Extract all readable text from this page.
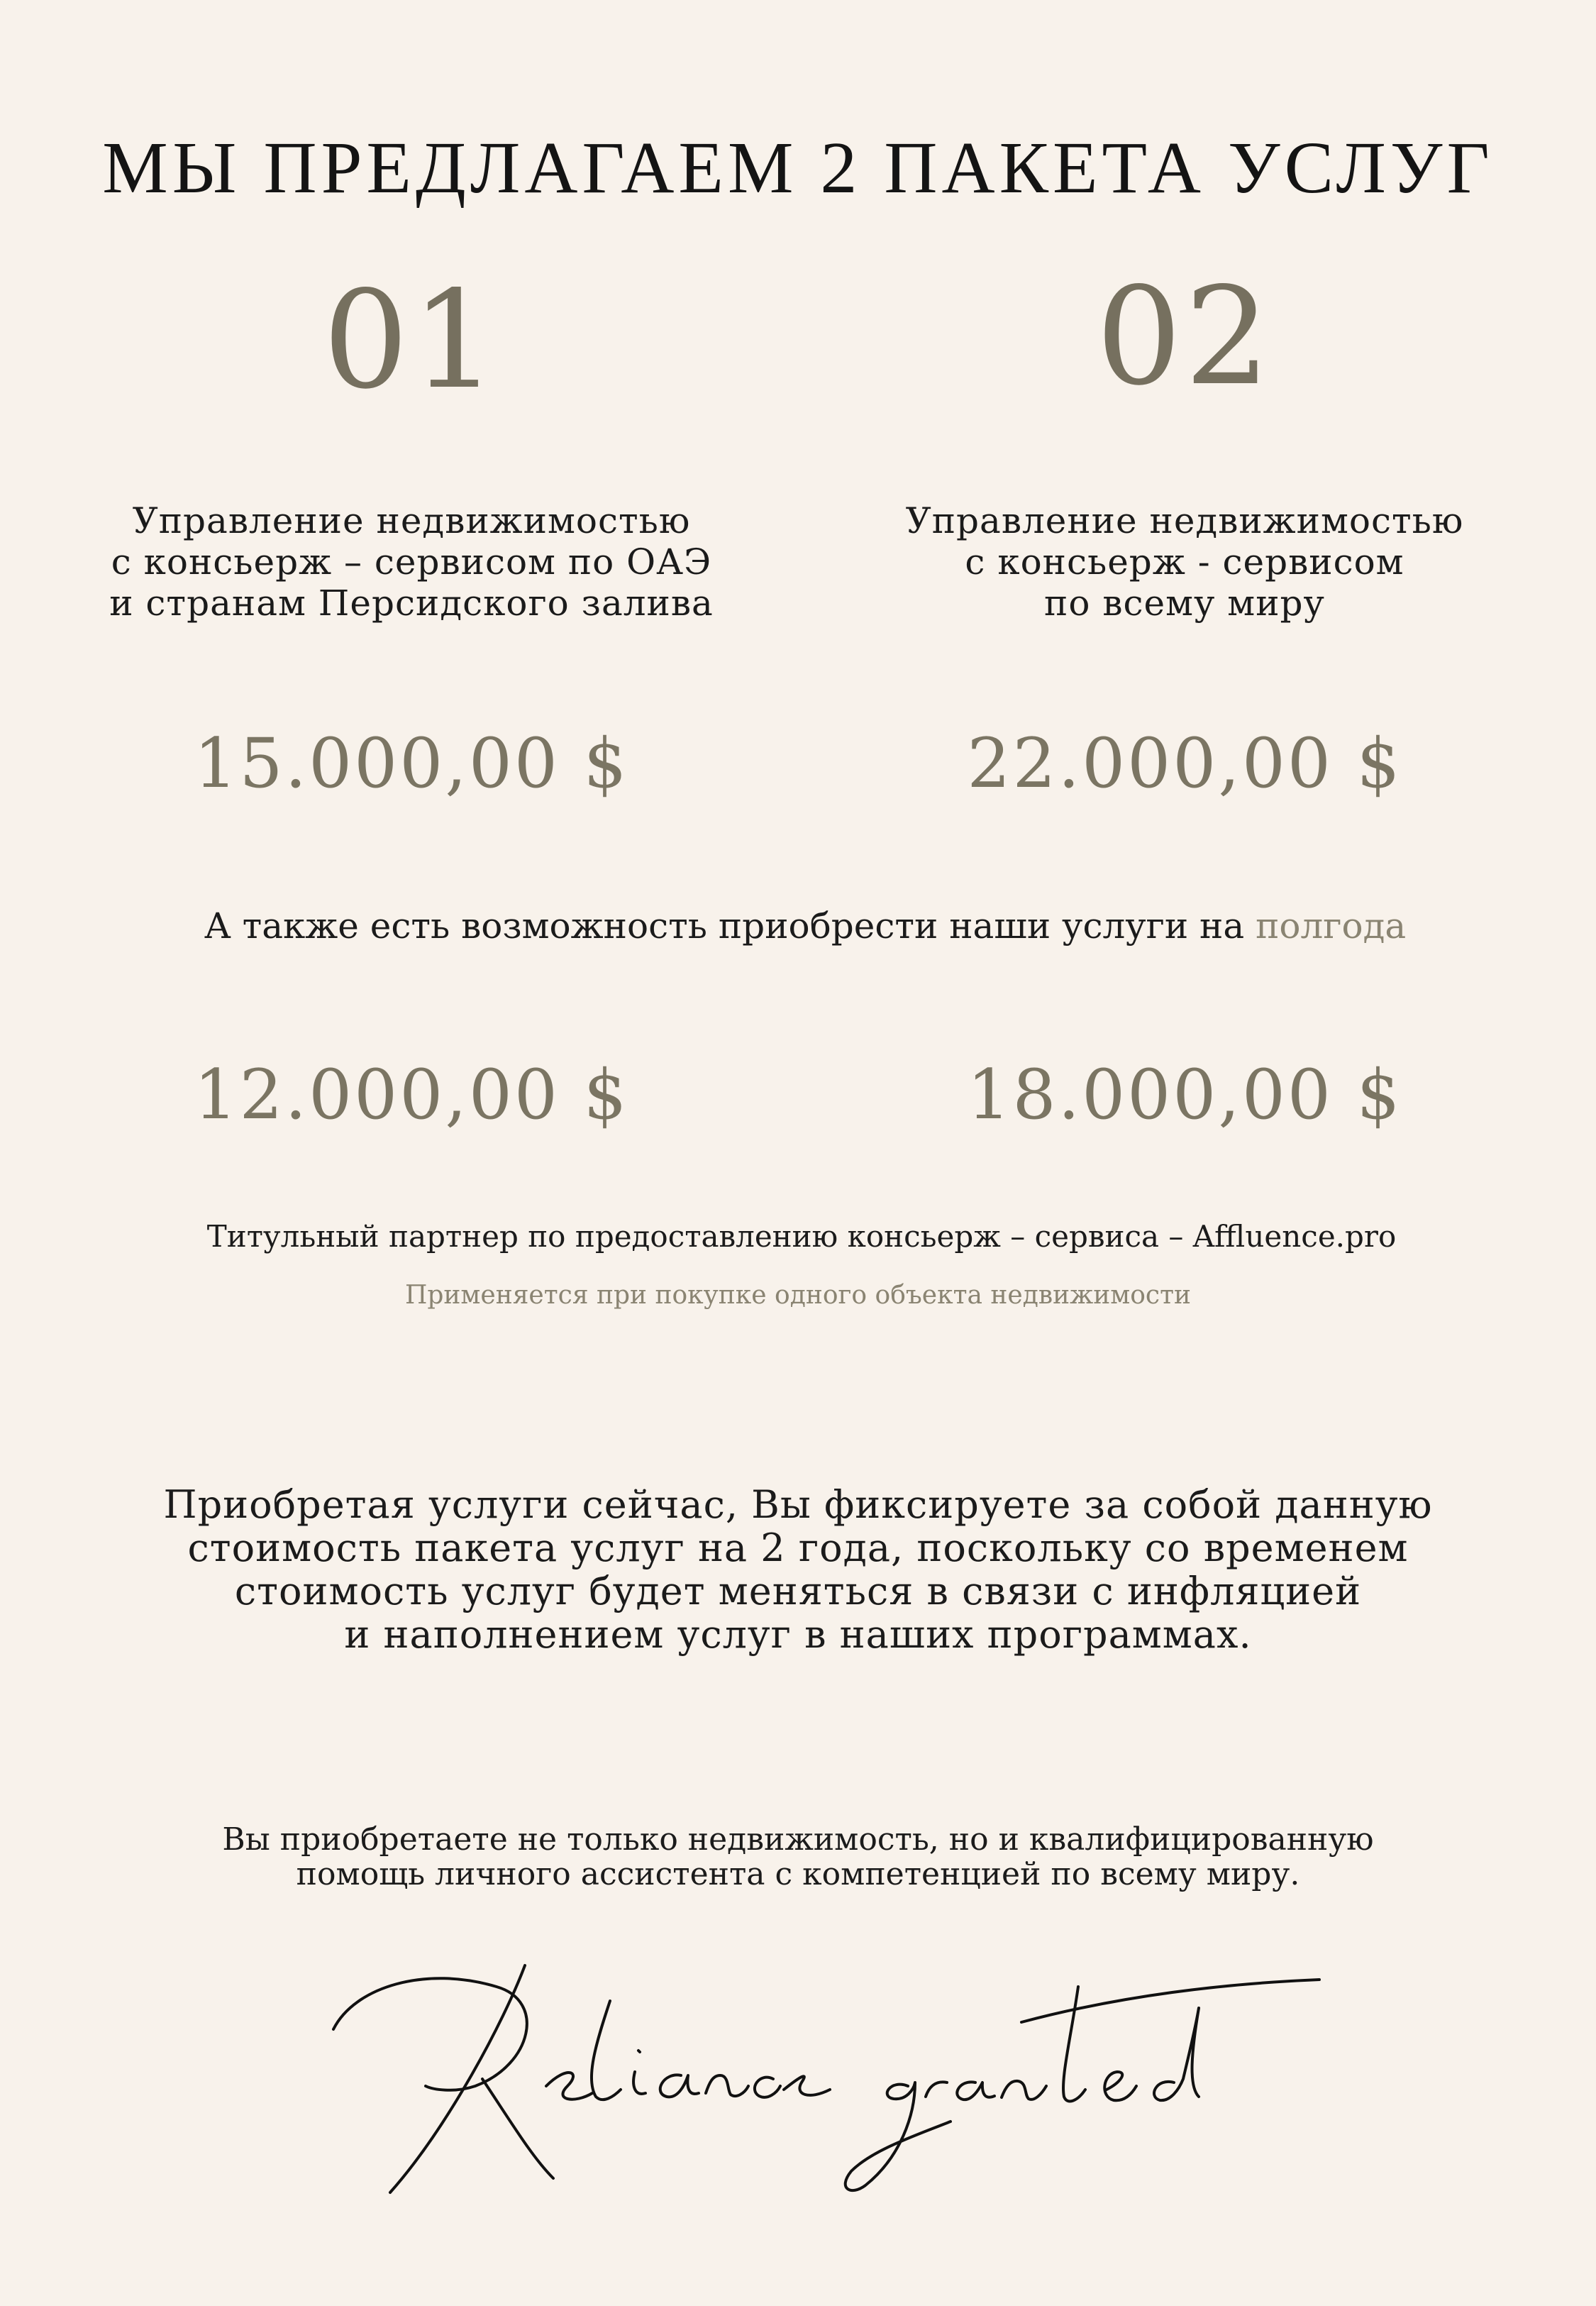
МЫ ПРЕДЛАГАЕМ 2 ПАКЕТА УСЛУГ
01	02
Управление недвижимостью
с консьерж – сервисом по ОАЭ
и странам Персидского залива
Управление недвижимостью
с консьерж - сервисом
по всему миру
15.000,00 $	22.000,00 $
А также есть возможность приобрести наши услуги на полгода
12.000,00 $	18.000,00 $
Титульный партнер по предоставлению консьерж – сервиса – Affluence.pro
Применяется при покупке одного объекта недвижимости
Приобретая услуги сейчас, Вы фиксируете за собой данную
стоимость пакета услуг на 2 года, поскольку со временем
стоимость услуг будет меняться в связи с инфляцией
и наполнением услуг в наших программах.
Вы приобретаете не только недвижимость, но и квалифицированную
помощь личного ассистента с компетенцией по всему миру.
